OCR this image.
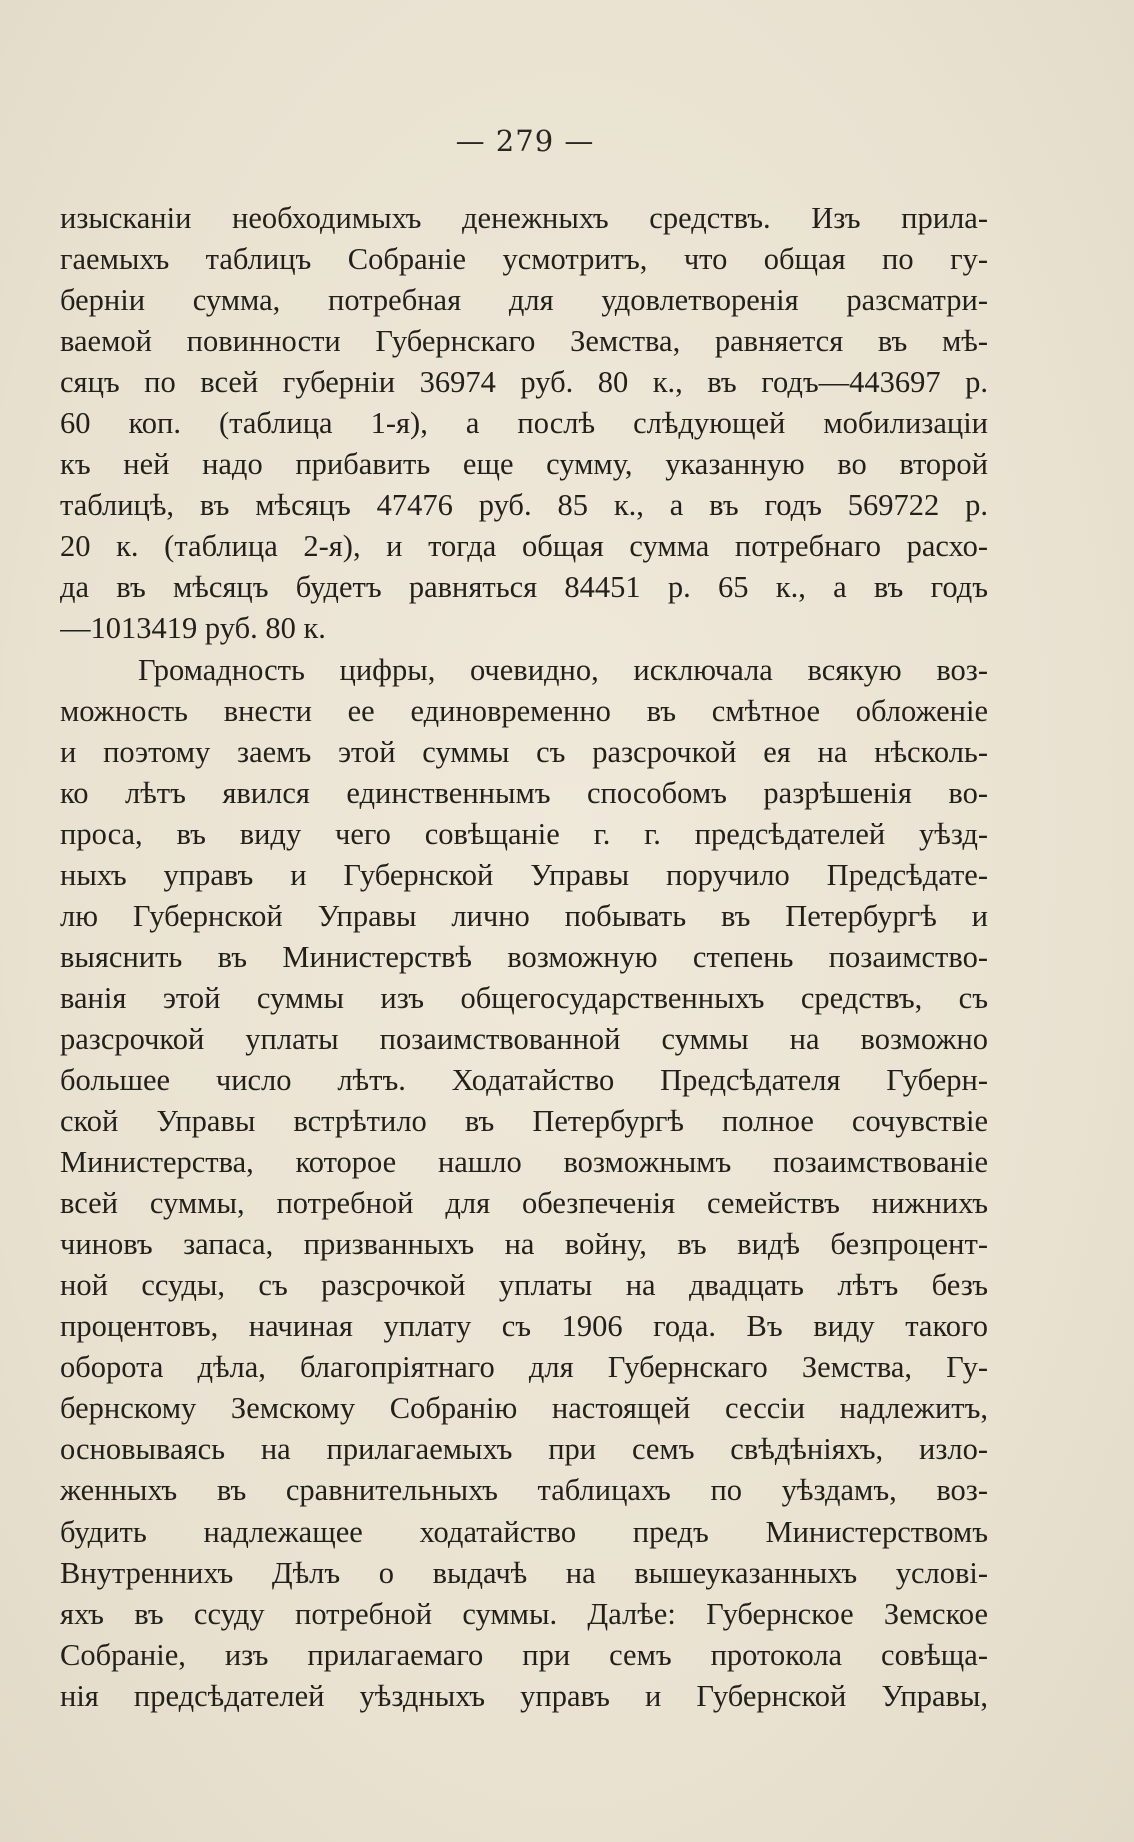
— 279 —
изысканіи необходимыхъ денежныхъ средствъ. Изъ прила-
гаемыхъ таблицъ Собраніе усмотритъ, что общая по гу-
берніи сумма, потребная для удовлетворенія разсматри-
ваемой повинности Губернскаго Земства, равняется въ мѣ-
сяцъ по всей губерніи 36974 руб. 80 к., въ годъ—443697 р.
60 коп. (таблица 1-я), а послѣ слѣдующей мобилизаціи
къ ней надо прибавить еще сумму, указанную во второй
таблицѣ, въ мѣсяцъ 47476 руб. 85 к., а въ годъ 569722 р.
20 к. (таблица 2-я), и тогда общая сумма потребнаго расхо-
да въ мѣсяцъ будетъ равняться 84451 р. 65 к., а въ годъ
—1013419 руб. 80 к.
Громадность цифры, очевидно, исключала всякую воз-
можность внести ее единовременно въ смѣтное обложеніе
и поэтому заемъ этой суммы съ разсрочкой ея на нѣсколь-
ко лѣтъ явился единственнымъ способомъ разрѣшенія во-
проса, въ виду чего совѣщаніе г. г. предсѣдателей уѣзд-
ныхъ управъ и Губернской Управы поручило Предсѣдате-
лю Губернской Управы лично побывать въ Петербургѣ и
выяснить въ Министерствѣ возможную степень позаимство-
ванія этой суммы изъ общегосударственныхъ средствъ, съ
разсрочкой уплаты позаимствованной суммы на возможно
большее число лѣтъ. Ходатайство Предсѣдателя Губерн-
ской Управы встрѣтило въ Петербургѣ полное сочувствіе
Министерства, которое нашло возможнымъ позаимствованіе
всей суммы, потребной для обезпеченія семействъ нижнихъ
чиновъ запаса, призванныхъ на войну, въ видѣ безпроцент-
ной ссуды, съ разсрочкой уплаты на двадцать лѣтъ безъ
процентовъ, начиная уплату съ 1906 года. Въ виду такого
оборота дѣла, благопріятнаго для Губернскаго Земства, Гу-
бернскому Земскому Собранію настоящей сессіи надлежитъ,
основываясь на прилагаемыхъ при семъ свѣдѣніяхъ, изло-
женныхъ въ сравнительныхъ таблицахъ по уѣздамъ, воз-
будить надлежащее ходатайство предъ Министерствомъ
Внутреннихъ Дѣлъ о выдачѣ на вышеуказанныхъ услові-
яхъ въ ссуду потребной суммы. Далѣе: Губернское Земское
Собраніе, изъ прилагаемаго при семъ протокола совѣща-
нія предсѣдателей уѣздныхъ управъ и Губернской Управы,
